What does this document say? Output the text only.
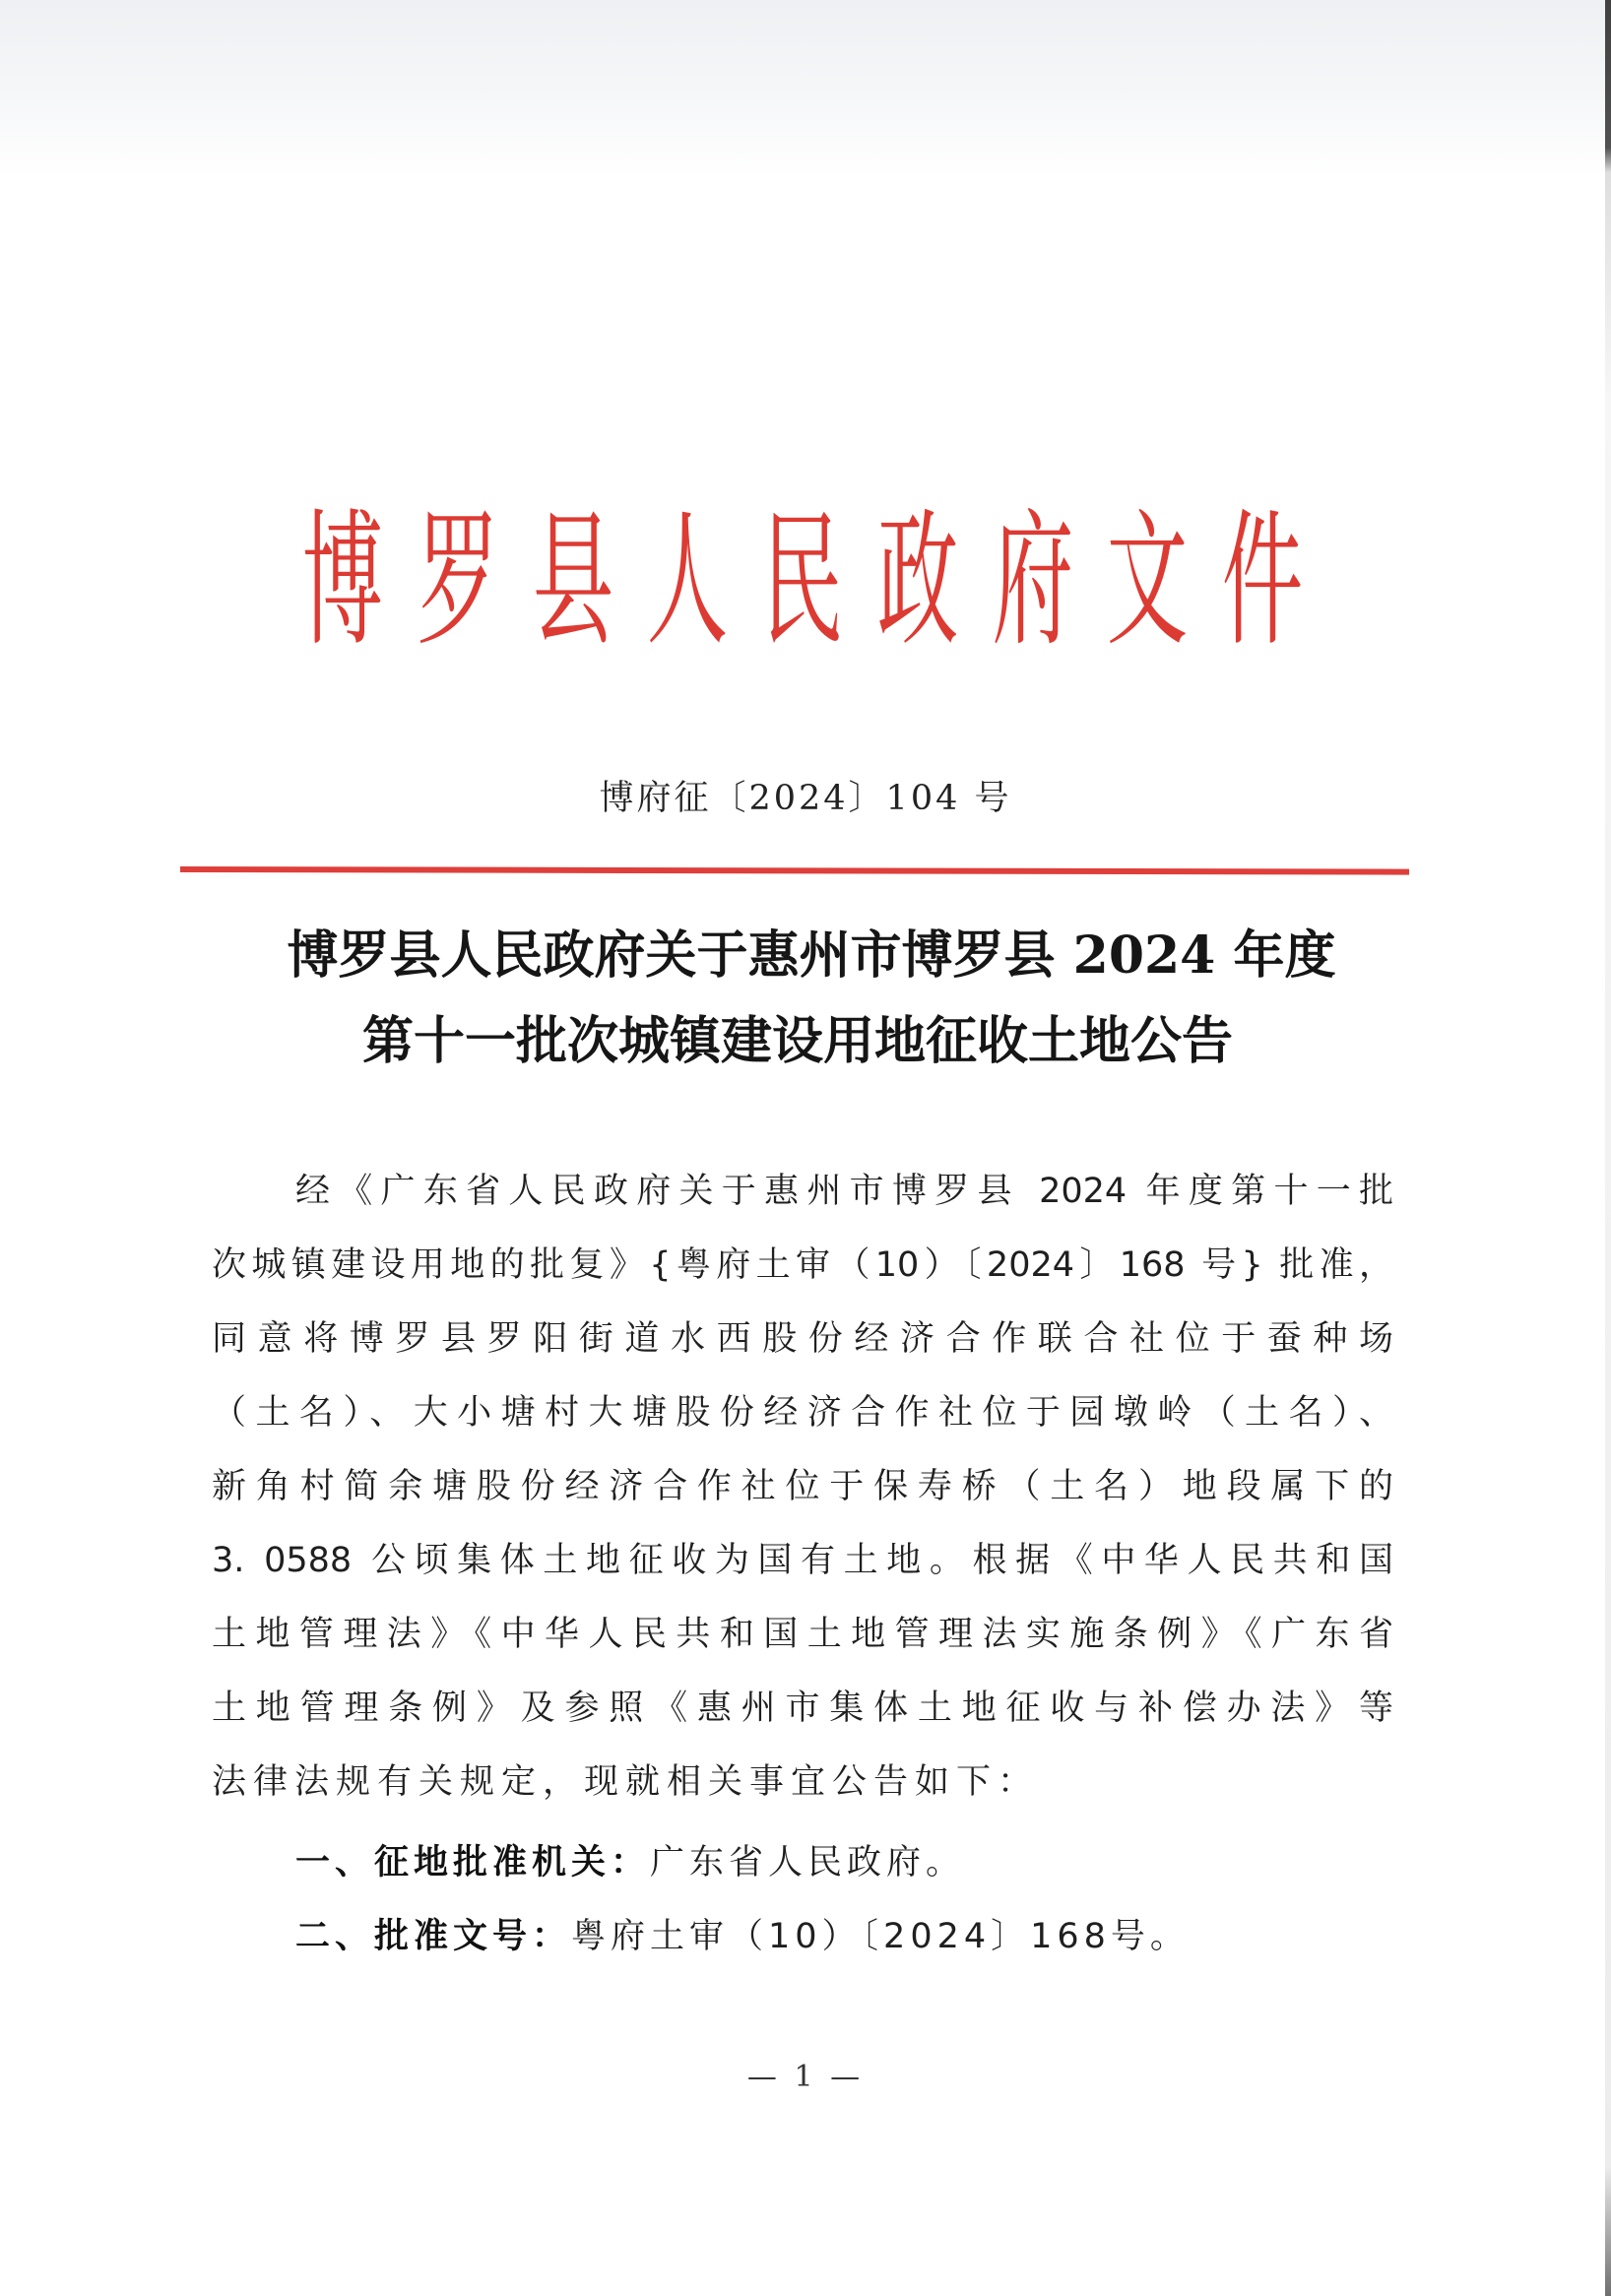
博 罗 县 人 民 政 府 文 件
博府征〔2024〕104 号
博罗县人民政府关于惠州市博罗县 2024 年度
第十一批次城镇建设用地征收土地公告
经《广东省人民政府关于惠州市博罗县 2024 年度第十一批
次城镇建设用地的批复》{粤府土审（10）〔2024〕168 号} 批准，
同意将博罗县罗阳街道水西股份经济合作联合社位于蚕种场
（土名）、大小塘村大塘股份经济合作社位于园墩岭（土名）、
新角村简余塘股份经济合作社位于保寿桥（土名）地段属下的
3. 0588 公顷集体土地征收为国有土地。根据《中华人民共和国
土地管理法》《中华人民共和国土地管理法实施条例》《广东省
土地管理条例》及参照《惠州市集体土地征收与补偿办法》等
法律法规有关规定，现就相关事宜公告如下：
一、征地批准机关：广东省人民政府。
二、批准文号：粤府土审（10）〔2024〕168号。
— 1 —
